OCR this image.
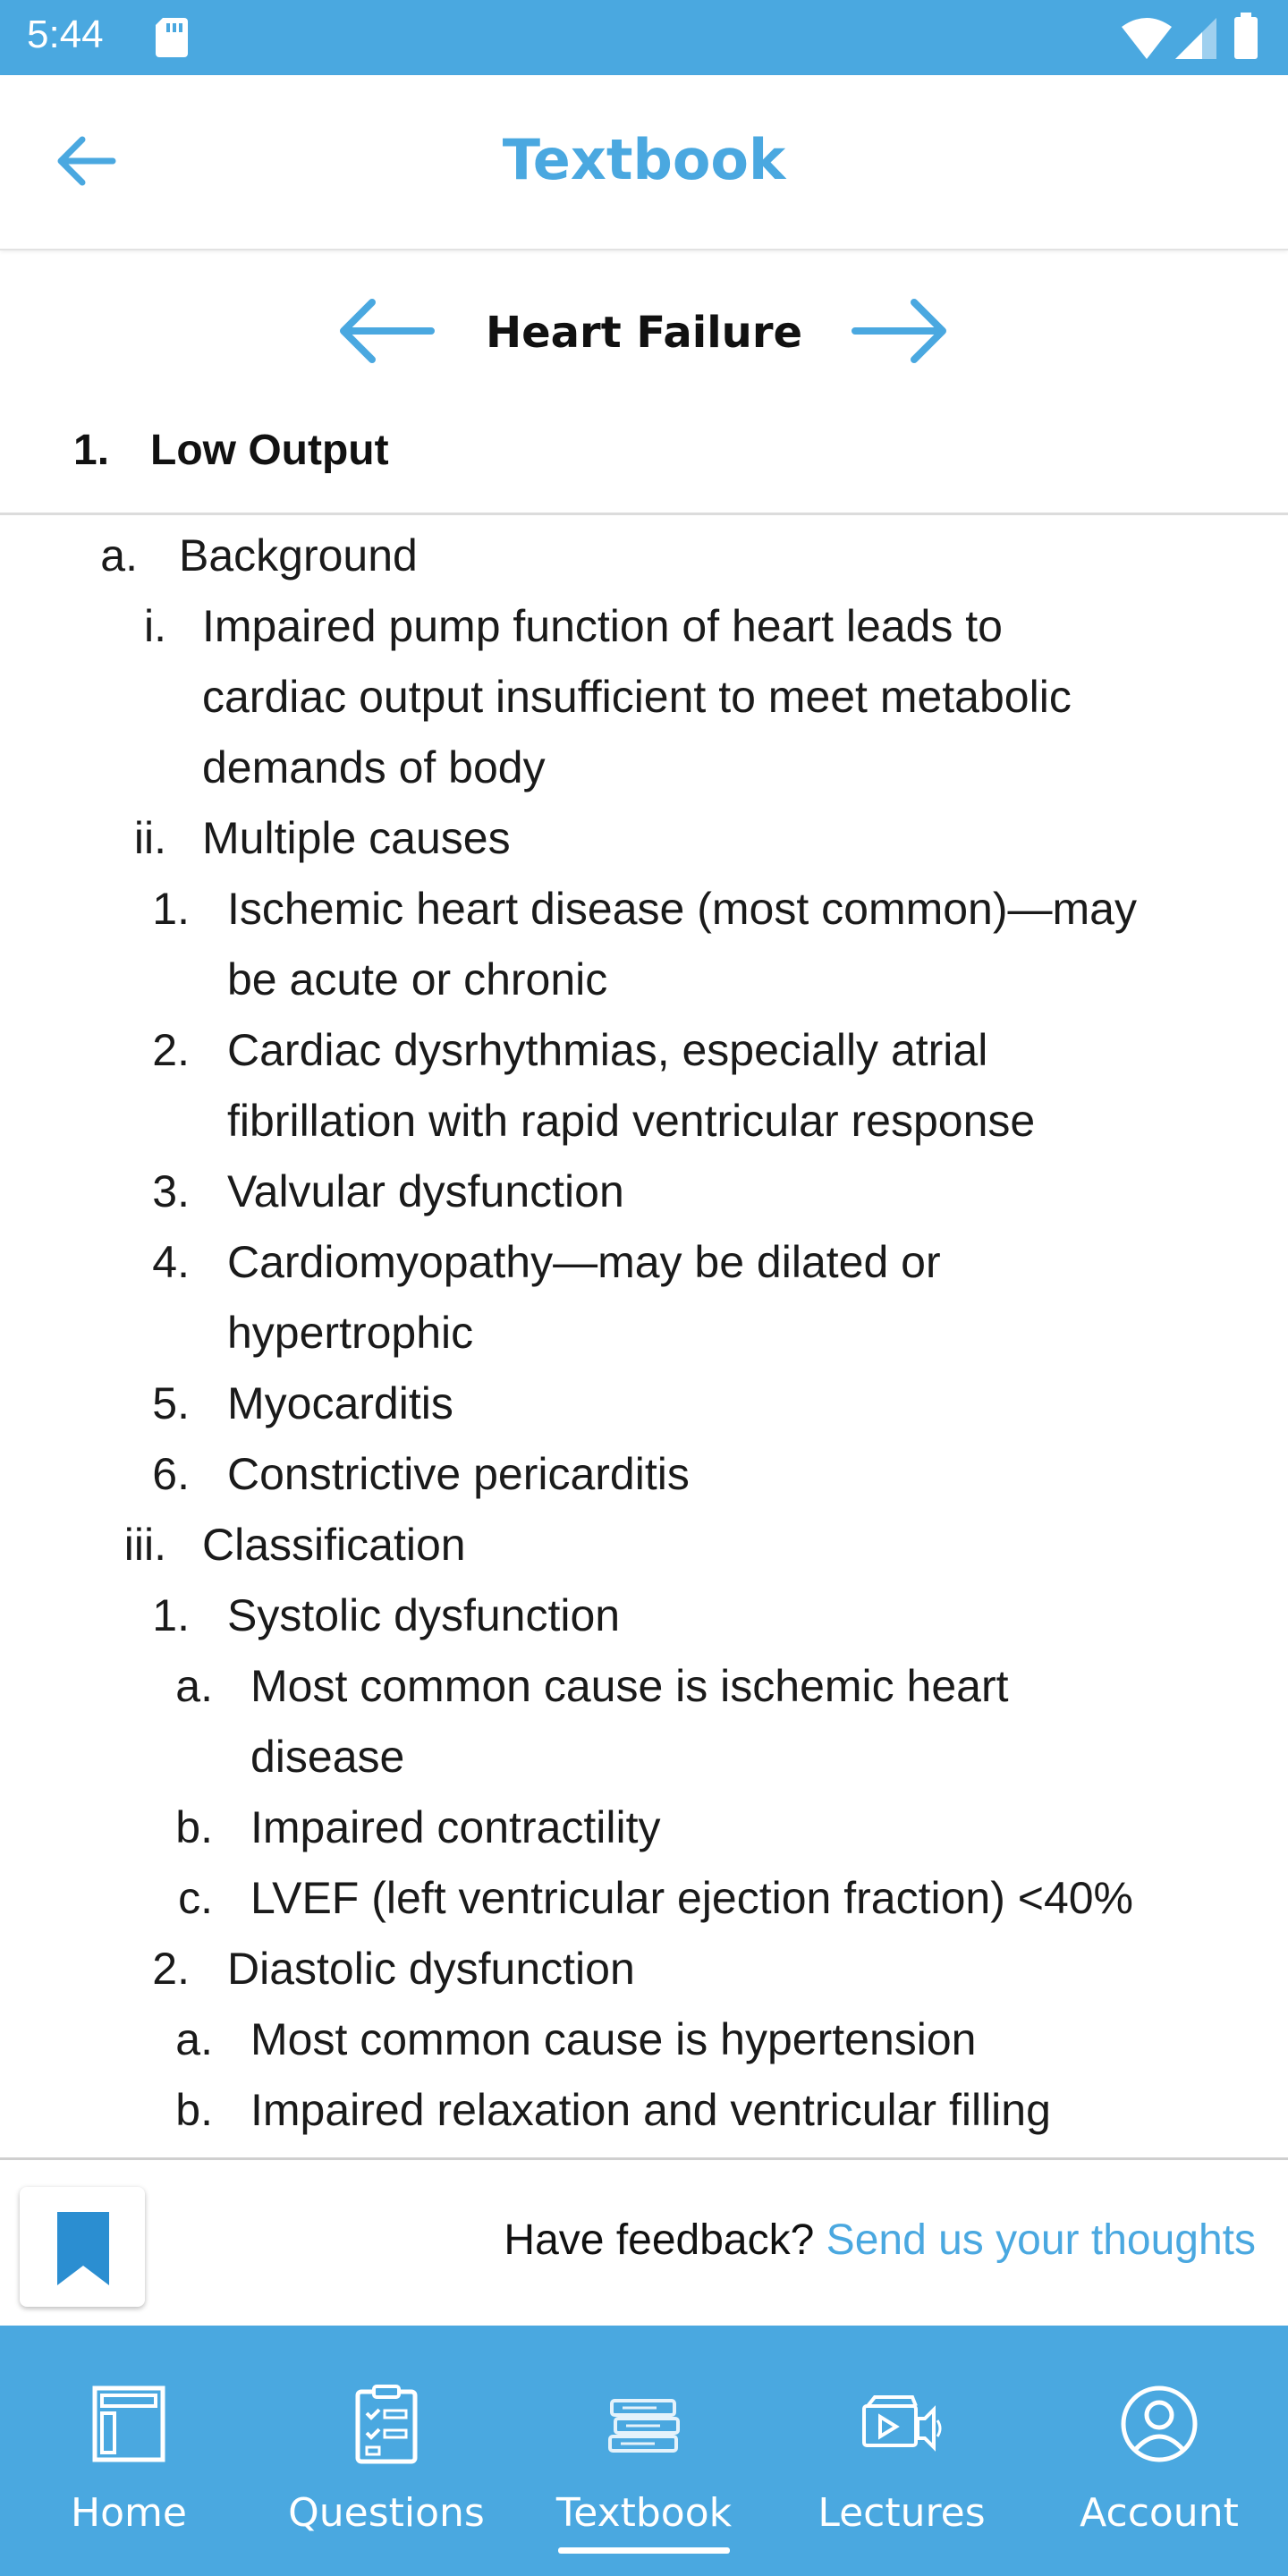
5:44
Textbook
Heart Failure
1. Low Output
a. Background
i. Impaired pump function of heart leads to
cardiac output insufficient to meet metabolic
demands of body
ii. Multiple causes
1. Ischemic heart disease (most common)—may
be acute or chronic
2. Cardiac dysrhythmias, especially atrial
fibrillation with rapid ventricular response
3. Valvular dysfunction
4. Cardiomyopathy—may be dilated or
hypertrophic
5. Myocarditis
6. Constrictive pericarditis
iii. Classification
1. Systolic dysfunction
a. Most common cause is ischemic heart
disease
b. Impaired contractility
c. LVEF (left ventricular ejection fraction) <40%
2. Diastolic dysfunction
a. Most common cause is hypertension
b. Impaired relaxation and ventricular filling
Have feedback? Send us your thoughts
Home	Questions	Textbook	Lectures	Account
